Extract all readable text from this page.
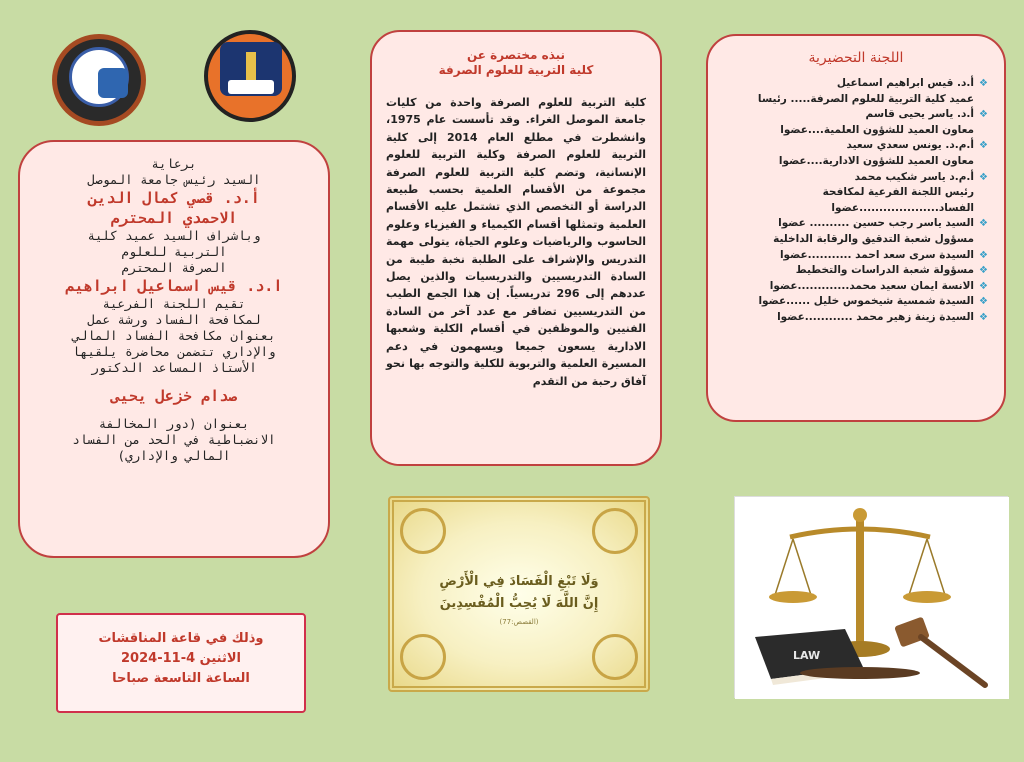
برعاية
السيد رئيس جامعة الموصل
أ.د. قصي كمال الدين
الاحمدي المحترم
وباشراف السيد عميد كلية
التربية للعلوم
الصرفة المحترم
ا.د. قيس اسماعيل ابراهيم
تقيم اللجنة الفرعية
لمكافحة الفساد ورشة عمل
بعنوان مكافحة الفساد المالي
والإداري تتضمن محاضرة يلقيها
الأستاذ المساعد الدكتور
صدام خزعل يحيى
بعنوان (دور المخالفة
الانضباطية في الحد من الفساد
المالي والإداري)
نبذه مختصرة عن
كلية التربية للعلوم الصرفة
كلية التربية للعلوم الصرفة واحدة من كليات جامعة الموصل الغراء. وقد تأسست عام 1975، وانشطرت في مطلع العام 2014 إلى كلية التربية للعلوم الصرفة وكلية التربية للعلوم الإنسانية، وتضم كلية التربية للعلوم الصرفة مجموعة من الأقسام العلمية بحسب طبيعة الدراسة أو التخصص الذي تشتمل عليه الأقسام العلمية وتمثلها أقسام الكيمياء و الفيزياء وعلوم الحاسوب والرياضيات وعلوم الحياة، يتولى مهمة التدريس والإشراف على الطلبة نخبة طيبة من السادة التدريسيين والتدريسيات والذين يصل عددهم إلى 296 تدريسياً. إن هذا الجمع الطيب من التدريسيين تضافر مع عدد آخر من السادة الفنيين والموظفين في أقسام الكلية وشعبها الادارية يسعون جميعا ويسهمون في دعم المسيرة العلمية والتربوية للكلية والتوجه بها نحو آفاق رحبة من التقدم
اللجنة التحضيرية
❖
أ.د. قيس ابراهيم اسماعيل
عميد كلية التربية للعلوم الصرفة..... رئيسا
❖
أ.د. ياسر يحيى قاسم
معاون العميد للشؤون العلمية....عضوا
❖
أ.م.د. يونس سعدي سعيد
معاون العميد للشؤون الادارية....عضوا
❖
أ.م.د ياسر شكيب محمد
رئيس اللجنة الفرعية لمكافحة الفساد....................عضوا
❖
السيد ياسر رجب حسين .......... عضوا
مسؤول شعبة التدقيق والرقابة الداخلية
❖
السيدة سرى سعد احمد ...........عضوا
❖
مسؤولة شعبة الدراسات والتخطيط
❖
الانسة ايمان سعيد محمد.............عضوا
❖
السيدة شمسية شيخموس خليل ......عضوا
❖
السيدة زينة زهير محمد ............عضوا
وذلك في قاعة المناقشات
الاثنين 4-11-2024
الساعة التاسعة صباحا
وَلَا تَبْغِ الْفَسَادَ فِي الْأَرْضِ
إِنَّ اللَّهَ لَا يُحِبُّ الْمُفْسِدِينَ
(القصص:77)
LAW
